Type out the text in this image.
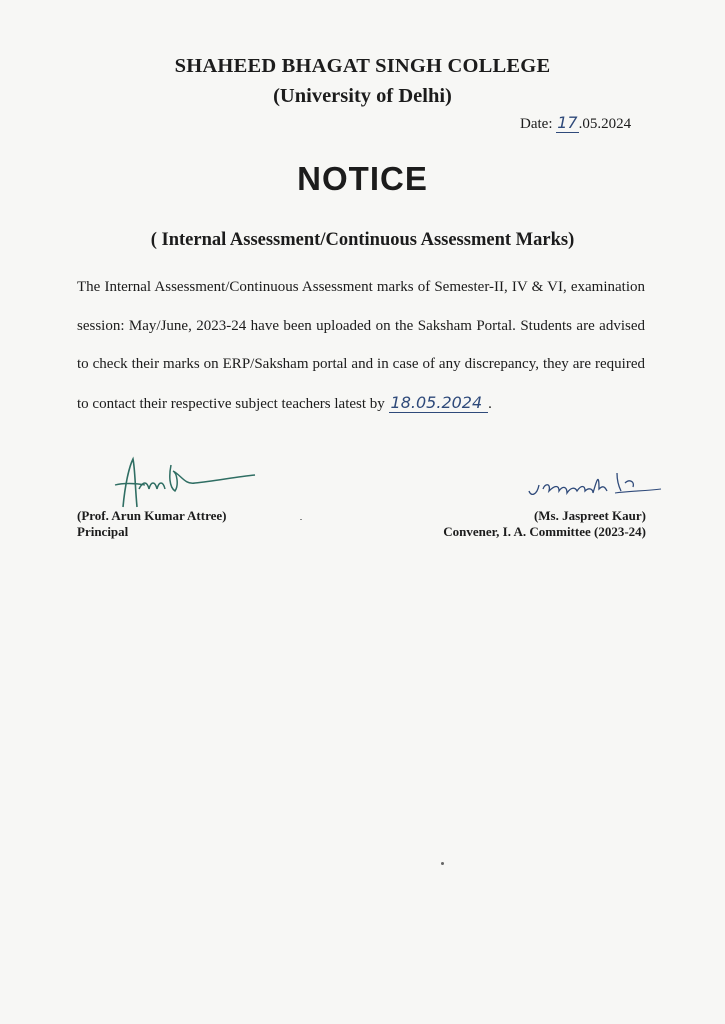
SHAHEED BHAGAT SINGH COLLEGE
(University of Delhi)
Date: 17.05.2024
NOTICE
( Internal Assessment/Continuous Assessment Marks)
The Internal Assessment/Continuous Assessment marks of Semester-II, IV & VI, examination session: May/June, 2023-24 have been uploaded on the Saksham Portal. Students are advised to check their marks on ERP/Saksham portal and in case of any discrepancy, they are required to contact their respective subject teachers latest by 18.05.2024 .
(Prof. Arun Kumar Attree)
Principal
(Ms. Jaspreet Kaur)
Convener, I. A. Committee (2023-24)
